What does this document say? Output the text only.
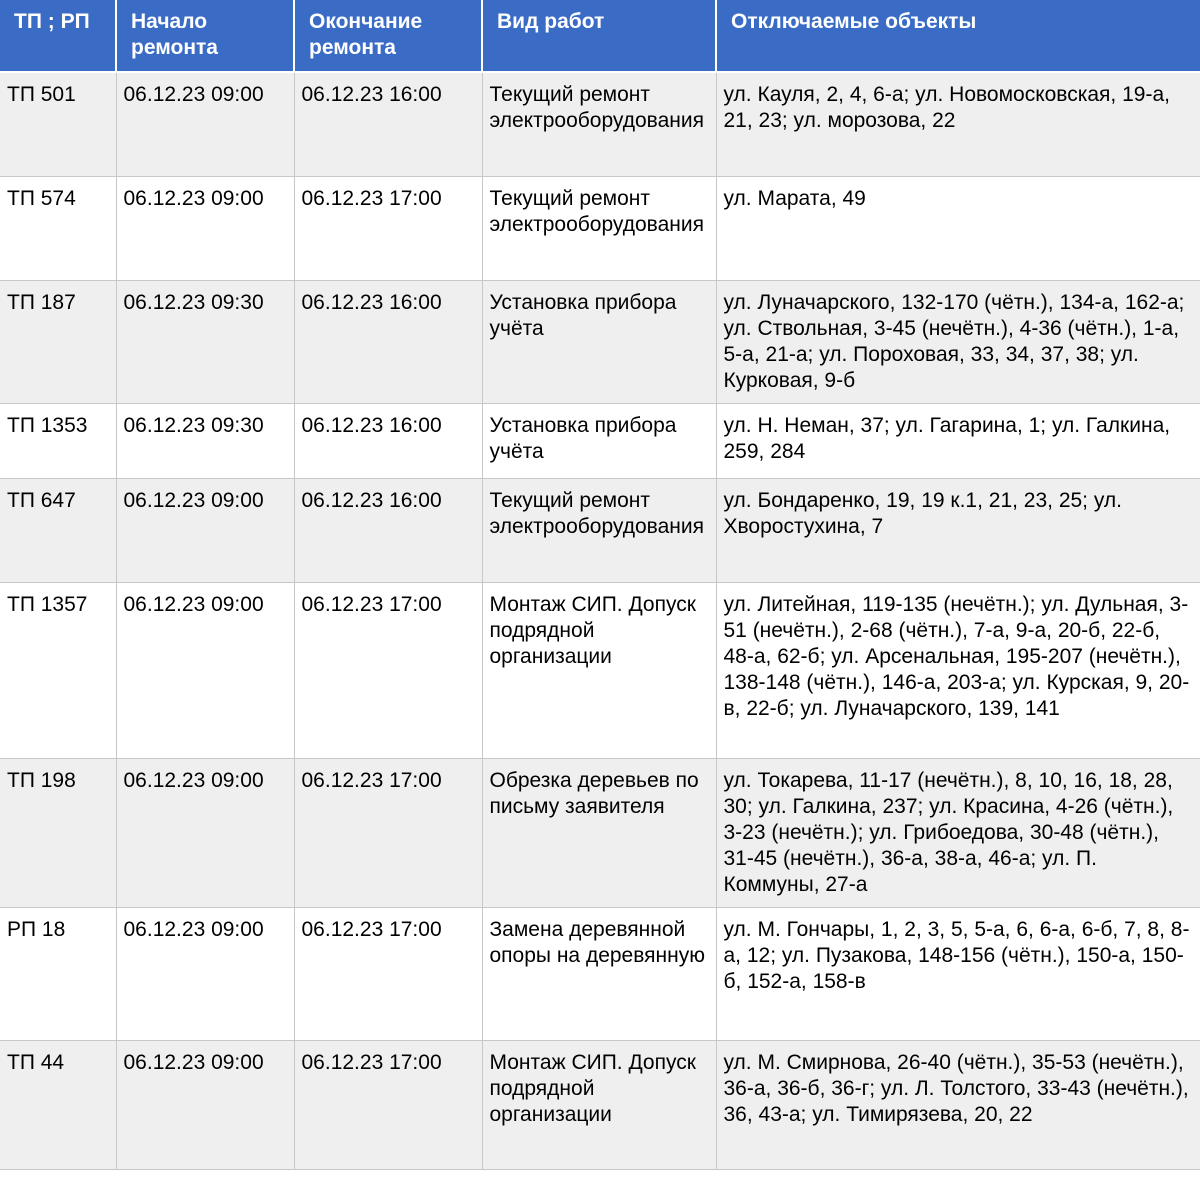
ТП ; РП	Начало ремонта	Окончание ремонта	Вид работ	Отключаемые объекты
ТП 501	06.12.23 09:00	06.12.23 16:00	Текущий ремонт электрооборудования	ул. Кауля, 2, 4, 6-а; ул. Новомосковская, 19-а, 21, 23; ул. морозова, 22
ТП 574	06.12.23 09:00	06.12.23 17:00	Текущий ремонт электрооборудования	ул. Марата, 49
ТП 187	06.12.23 09:30	06.12.23 16:00	Установка прибора учёта	ул. Луначарского, 132-170 (чётн.), 134-а, 162-а; ул. Ствольная, 3-45 (нечётн.), 4-36 (чётн.), 1-а, 5-а, 21-а; ул. Пороховая, 33, 34, 37, 38; ул. Курковая, 9-б
ТП 1353	06.12.23 09:30	06.12.23 16:00	Установка прибора учёта	ул. Н. Неман, 37; ул. Гагарина, 1; ул. Галкина, 259, 284
ТП 647	06.12.23 09:00	06.12.23 16:00	Текущий ремонт электрооборудования	ул. Бондаренко, 19, 19 к.1, 21, 23, 25; ул. Хворостухина, 7
ТП 1357	06.12.23 09:00	06.12.23 17:00	Монтаж СИП. Допуск подрядной организации	ул. Литейная, 119-135 (нечётн.); ул. Дульная, 3-51 (нечётн.), 2-68 (чётн.), 7-а, 9-а, 20-б, 22-б, 48-а, 62-б; ул. Арсенальная, 195-207 (нечётн.), 138-148 (чётн.), 146-а, 203-а; ул. Курская, 9, 20-в, 22-б; ул. Луначарского, 139, 141
ТП 198	06.12.23 09:00	06.12.23 17:00	Обрезка деревьев по письму заявителя	ул. Токарева, 11-17 (нечётн.), 8, 10, 16, 18, 28, 30; ул. Галкина, 237; ул. Красина, 4-26 (чётн.), 3-23 (нечётн.); ул. Грибоедова, 30-48 (чётн.), 31-45 (нечётн.), 36-а, 38-а, 46-а; ул. П. Коммуны, 27-а
РП 18	06.12.23 09:00	06.12.23 17:00	Замена деревянной опоры на деревянную	ул. М. Гончары, 1, 2, 3, 5, 5-а, 6, 6-а, 6-б, 7, 8, 8-а, 12; ул. Пузакова, 148-156 (чётн.), 150-а, 150-б, 152-а, 158-в
ТП 44	06.12.23 09:00	06.12.23 17:00	Монтаж СИП. Допуск подрядной организации	ул. М. Смирнова, 26-40 (чётн.), 35-53 (нечётн.), 36-а, 36-б, 36-г; ул. Л. Толстого, 33-43 (нечётн.), 36, 43-а; ул. Тимирязева, 20, 22
